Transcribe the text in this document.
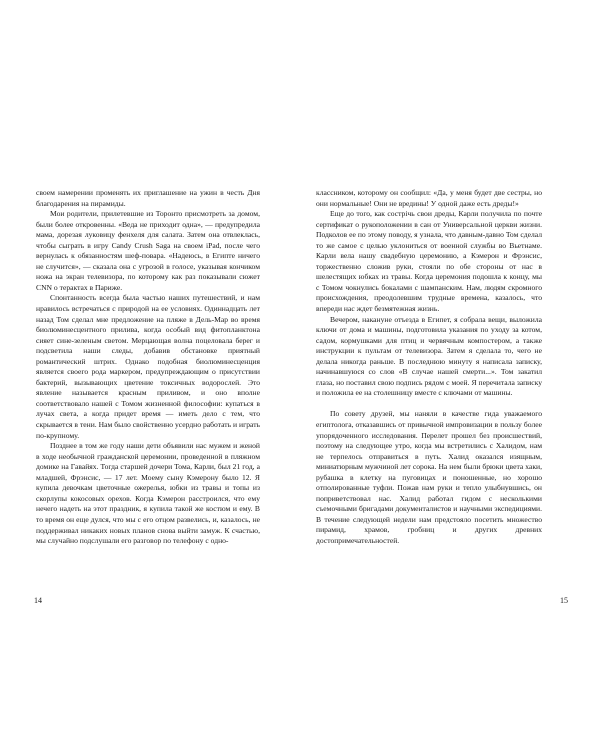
своем намерении променять их приглашение на ужин в честь Дня благодарения на пирамиды.

Мои родители, прилетевшие из Торонто присмотреть за домом, были более откровенны. «Веда не приходит одна», — предупредила мама, дорезая луковицу фенхеля для салата. Затем она отвлеклась, чтобы сыграть в игру Candy Crush Saga на своем iPad, после чего вернулась к обязанностям шеф-повара. «Надеюсь, в Египте ничего не случится», — сказала она с угрозой в голосе, указывая кончиком ножа на экран телевизора, по которому как раз показывали сюжет CNN о терактах в Париже.

Спонтанность всегда была частью наших путешествий, и нам нравилось встречаться с природой на ее условиях. Одиннадцать лет назад Том сделал мне предложение на пляже в Дель-Мар во время биолюминесцентного прилива, когда особый вид фитопланктона сияет сине-зеленым светом. Мерцающая волна поцеловала берег и подсветила наши следы, добавив обстановке приятный романтический штрих. Однако подобная биолюминесценция является своего рода маркером, предупреждающим о присутствии бактерий, вызывающих цветение токсичных водорослей. Это явление называется красным приливом, и оно вполне соответствовало нашей с Томом жизненной философии: купаться в лучах света, а когда придет время — иметь дело с тем, что скрывается в тени. Нам было свойственно усердно работать и играть по-крупному.

Позднее в том же году наши дети объявили нас мужем и женой в ходе необычной гражданской церемонии, проведенной в пляжном домике на Гавайях. Тогда старшей дочери Тома, Карли, был 21 год, а младшей, Фрэнсис, — 17 лет. Моему сыну Кэмерону было 12. Я купила девочкам цветочные ожерелья, юбки из травы и топы из скорлупы кокосовых орехов. Когда Кэмерон расстроился, что ему нечего надеть на этот праздник, я купила такой же костюм и ему. В то время он еще дулся, что мы с его отцом развелись, и, казалось, не поддерживал никаких новых планов снова выйти замуж. К счастью, мы случайно подслушали его разговор по телефону с одно-

14

классником, которому он сообщил: «Да, у меня будет две сестры, но они нормальные! Они не вредины! У одной даже есть дреды!»

Еще до того, как сострічь свои дреды, Карли получила по почте сертификат о рукоположении в сан от Универсальной церкви жизни. Подколов ее по этому поводу, я узнала, что давным-давно Том сделал то же самое с целью уклониться от военной службы во Вьетнаме. Карли вела нашу свадебную церемонию, а Кэмерон и Фрэнсис, торжественно сложив руки, стояли по обе стороны от нас в шелестящих юбках из травы. Когда церемония подошла к концу, мы с Томом чокнулись бокалами с шампанским. Нам, людям скромного происхождения, преодолевшим трудные времена, казалось, что впереди нас ждет безмятежная жизнь.

Вечером, накануне отъезда в Египет, я собрала вещи, выложила ключи от дома и машины, подготовила указания по уходу за котом, садом, кормушками для птиц и червячным компостером, а также инструкции к пультам от телевизора. Затем я сделала то, чего не делала никогда раньше. В последнюю минуту я написала записку, начинавшуюся со слов «В случае нашей смерти...». Том закатил глаза, но поставил свою подпись рядом с моей. Я перечитала записку и положила ее на столешницу вместе с ключами от машины.

По совету друзей, мы наняли в качестве гида уважаемого египтолога, отказавшись от привычной импровизации в пользу более упорядоченного исследования. Перелет прошел без происшествий, поэтому на следующее утро, когда мы встретились с Халидом, нам не терпелось отправиться в путь. Халид оказался изящным, миниатюрным мужчиной лет сорока. На нем были брюки цвета хаки, рубашка в клетку на пуговицах и поношенные, но хорошо отполированные туфли. Пожав нам руки и тепло улыбнувшись, он поприветствовал нас. Халид работал гидом с несколькими съемочными бригадами документалистов и научными экспедициями. В течение следующей недели нам предстояло посетить множество пирамид, храмов, гробниц и других древних достопримечательностей.

15
